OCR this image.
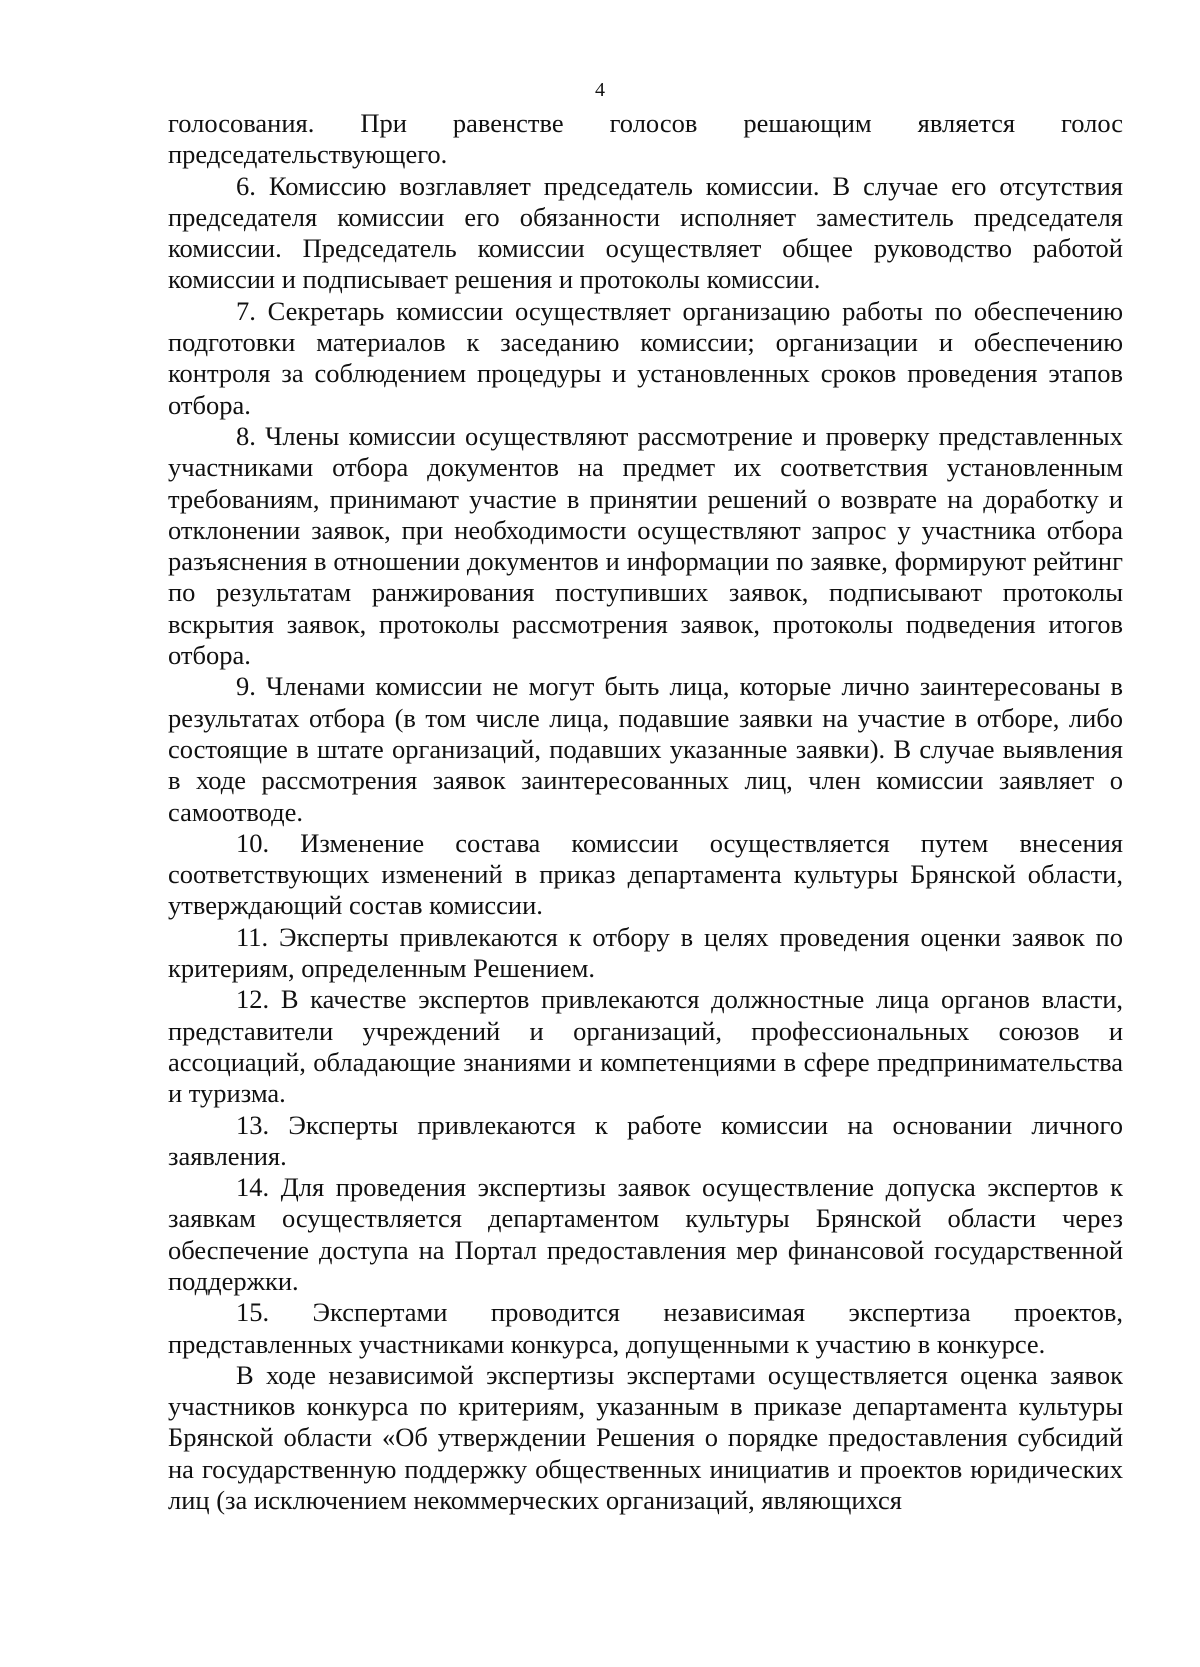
4

голосования. При равенстве голосов решающим является голос председательствующего.

6. Комиссию возглавляет председатель комиссии. В случае его отсутствия председателя комиссии его обязанности исполняет заместитель председателя комиссии. Председатель комиссии осуществляет общее руководство работой комиссии и подписывает решения и протоколы комиссии.

7. Секретарь комиссии осуществляет организацию работы по обеспечению подготовки материалов к заседанию комиссии; организации и обеспечению контроля за соблюдением процедуры и установленных сроков проведения этапов отбора.

8. Члены комиссии осуществляют рассмотрение и проверку представленных участниками отбора документов на предмет их соответствия установленным требованиям, принимают участие в принятии решений о возврате на доработку и отклонении заявок, при необходимости осуществляют запрос у участника отбора разъяснения в отношении документов и информации по заявке, формируют рейтинг по результатам ранжирования поступивших заявок, подписывают протоколы вскрытия заявок, протоколы рассмотрения заявок, протоколы подведения итогов отбора.

9. Членами комиссии не могут быть лица, которые лично заинтересованы в результатах отбора (в том числе лица, подавшие заявки на участие в отборе, либо состоящие в штате организаций, подавших указанные заявки). В случае выявления в ходе рассмотрения заявок заинтересованных лиц, член комиссии заявляет о самоотводе.

10. Изменение состава комиссии осуществляется путем внесения соответствующих изменений в приказ департамента культуры Брянской области, утверждающий состав комиссии.

11. Эксперты привлекаются к отбору в целях проведения оценки заявок по критериям, определенным Решением.

12. В качестве экспертов привлекаются должностные лица органов власти, представители учреждений и организаций, профессиональных союзов и ассоциаций, обладающие знаниями и компетенциями в сфере предпринимательства и туризма.

13. Эксперты привлекаются к работе комиссии на основании личного заявления.

14. Для проведения экспертизы заявок осуществление допуска экспертов к заявкам осуществляется департаментом культуры Брянской области через обеспечение доступа на Портал предоставления мер финансовой государственной поддержки.

15. Экспертами проводится независимая экспертиза проектов, представленных участниками конкурса, допущенными к участию в конкурсе.

В ходе независимой экспертизы экспертами осуществляется оценка заявок участников конкурса по критериям, указанным в приказе департамента культуры Брянской области «Об утверждении Решения о порядке предоставления субсидий на государственную поддержку общественных инициатив и проектов юридических лиц (за исключением некоммерческих организаций, являющихся
